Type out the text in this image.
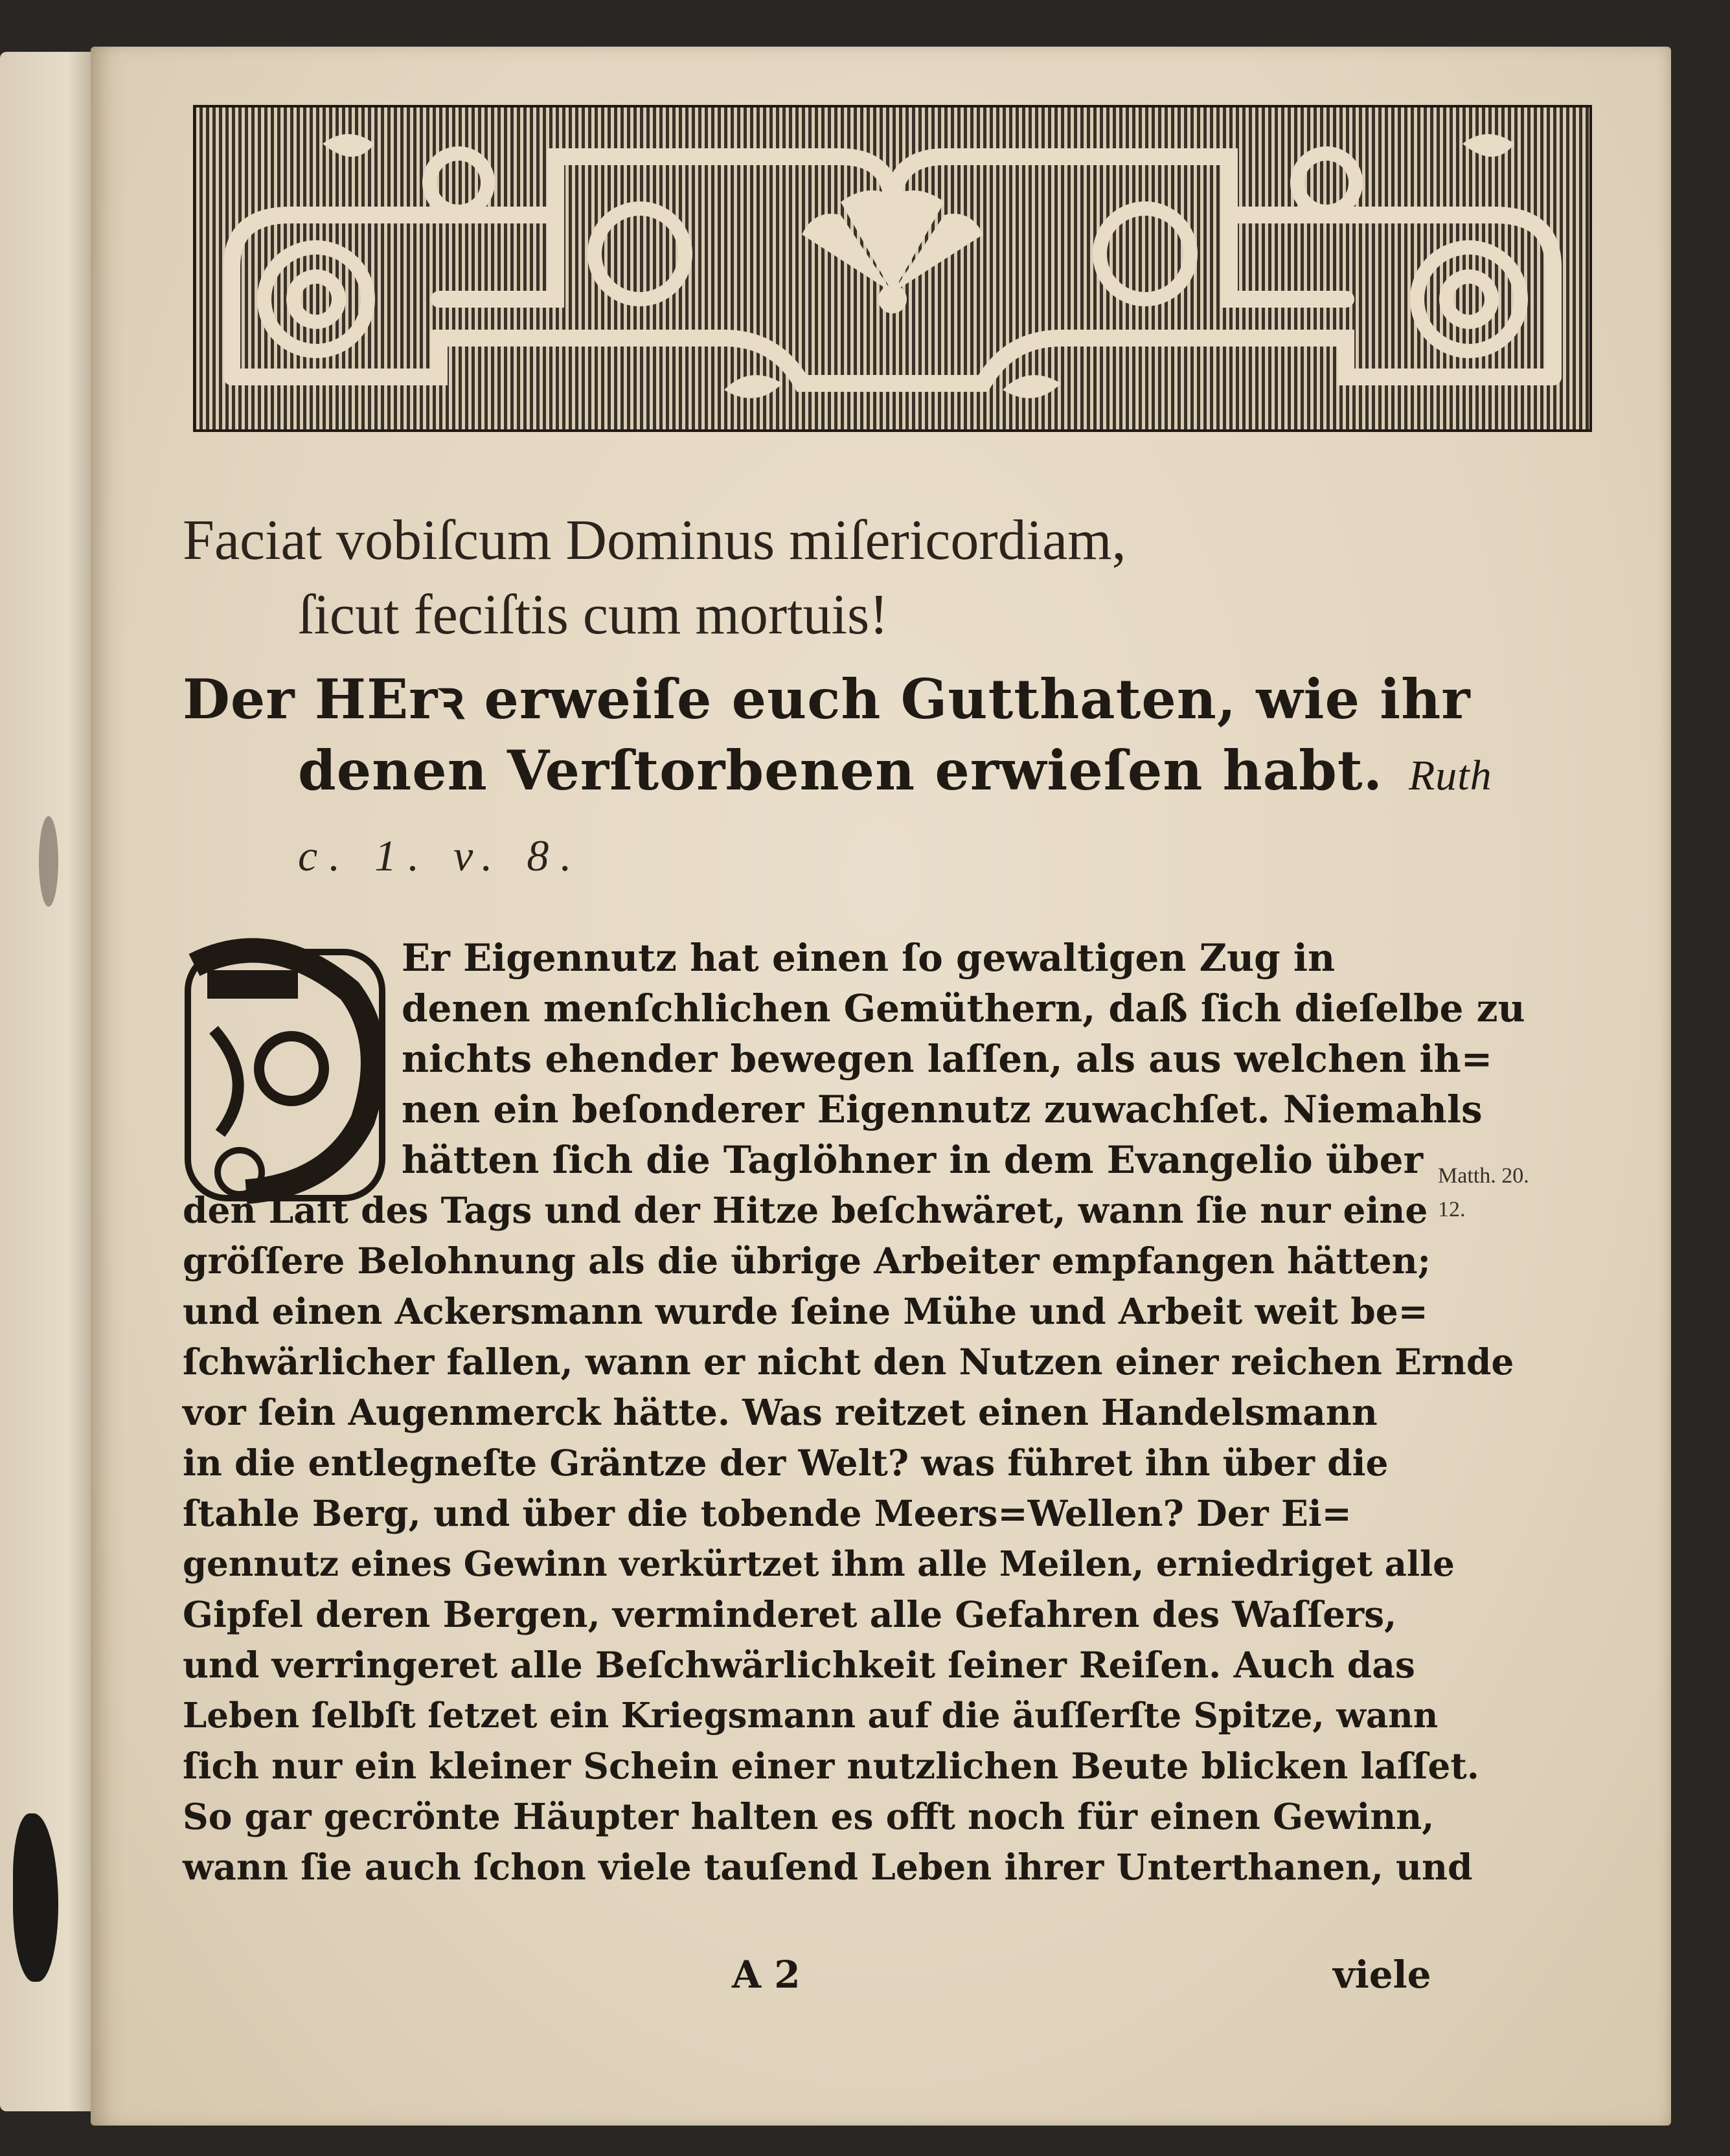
Faciat vobiſcum Dominus miſericordiam,
ſicut feciſtis cum mortuis!
Der HErꝛ erweiſe euch Gutthaten, wie ihr
denen Verſtorbenen erwieſen habt. Ruth
c. 1. v. 8.
Er Eigennutz hat einen ſo gewaltigen Zug in
denen menſchlichen Gemüthern, daß ſich dieſelbe zu
nichts ehender bewegen laſſen, als aus welchen ih=
nen ein beſonderer Eigennutz zuwachſet. Niemahls
hätten ſich die Taglöhner in dem Evangelio über
den Laſt des Tags und der Hitze beſchwäret, wann ſie nur eine
gröſſere Belohnung als die übrige Arbeiter empfangen hätten;
und einen Ackersmann wurde ſeine Mühe und Arbeit weit be=
ſchwärlicher fallen, wann er nicht den Nutzen einer reichen Ernde
vor ſein Augenmerck hätte. Was reitzet einen Handelsmann
in die entlegneſte Gräntze der Welt? was führet ihn über die
ſtahle Berg, und über die tobende Meers=Wellen? Der Ei=
gennutz eines Gewinn verkürtzet ihm alle Meilen, erniedriget alle
Gipfel deren Bergen, verminderet alle Gefahren des Waſſers,
und verringeret alle Beſchwärlichkeit ſeiner Reiſen. Auch das
Leben ſelbſt ſetzet ein Kriegsmann auf die äuſſerſte Spitze, wann
ſich nur ein kleiner Schein einer nutzlichen Beute blicken laſſet.
So gar gecrönte Häupter halten es offt noch für einen Gewinn,
wann ſie auch ſchon viele tauſend Leben ihrer Unterthanen, und
Matth. 20.
12.
A 2	viele
